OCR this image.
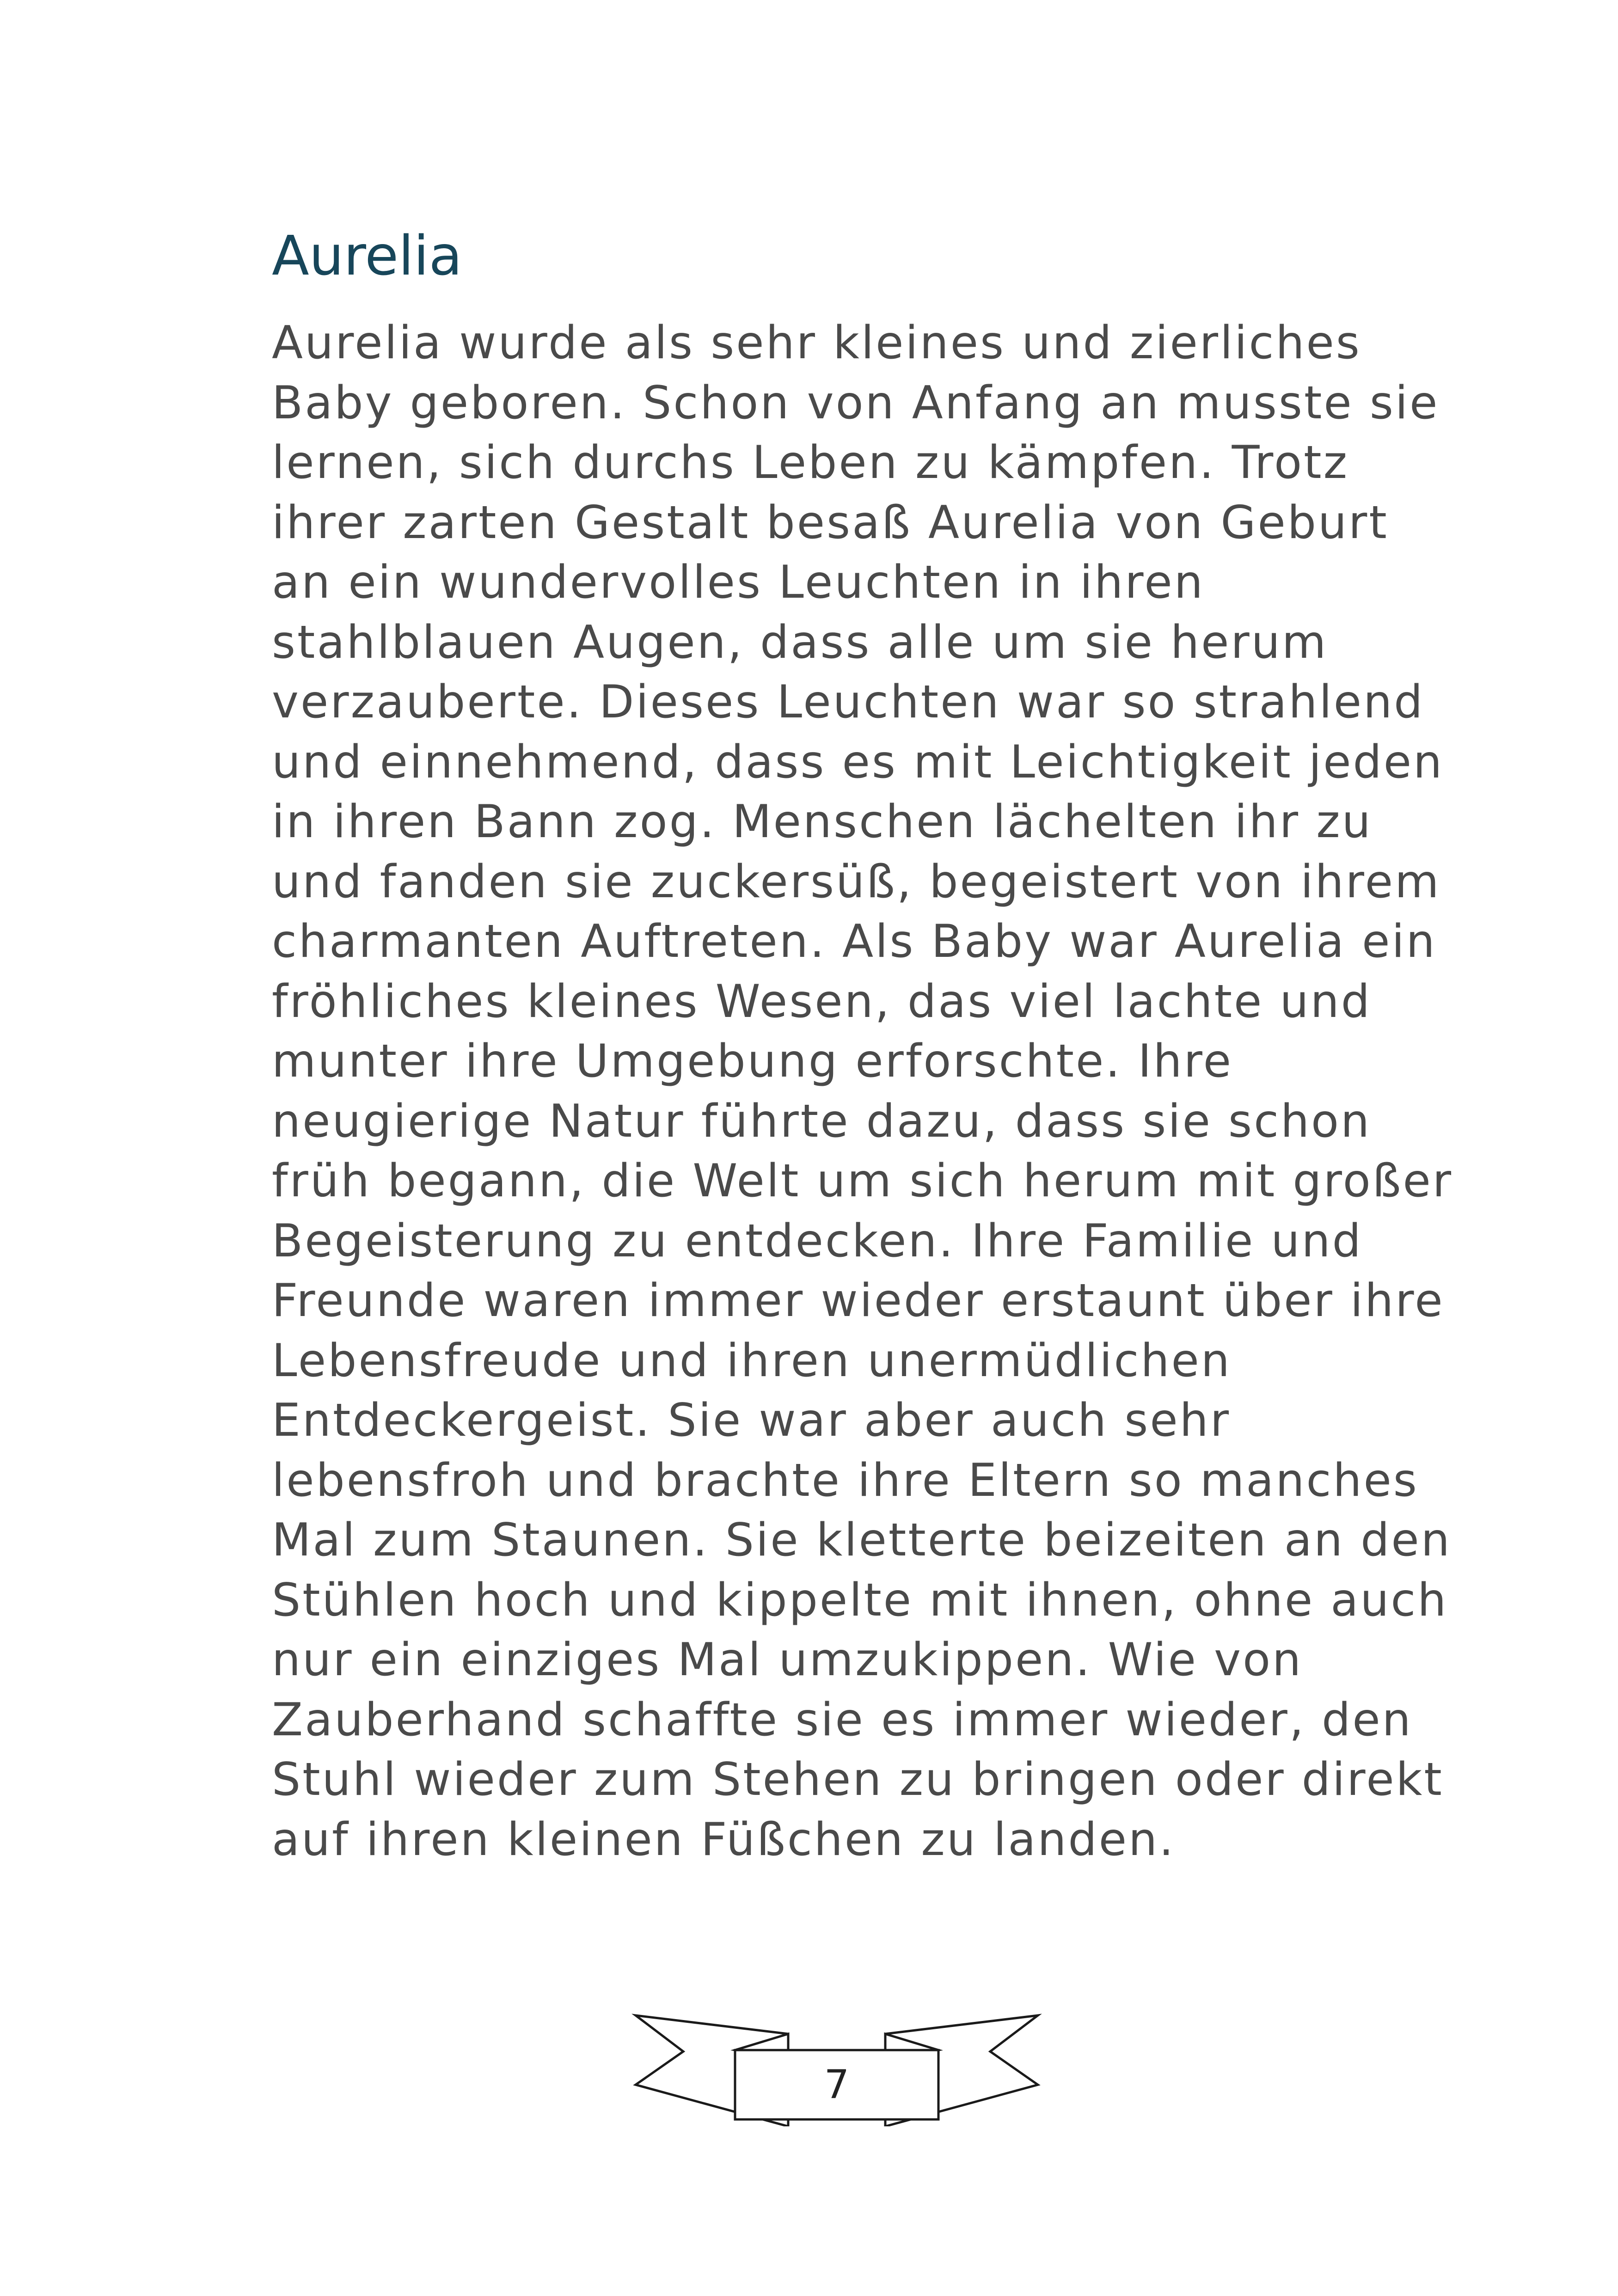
Aurelia
Aurelia wurde als sehr kleines und zierliches
Baby geboren. Schon von Anfang an musste sie
lernen, sich durchs Leben zu kämpfen. Trotz
ihrer zarten Gestalt besaß Aurelia von Geburt
an ein wundervolles Leuchten in ihren
stahlblauen Augen, dass alle um sie herum
verzauberte. Dieses Leuchten war so strahlend
und einnehmend, dass es mit Leichtigkeit jeden
in ihren Bann zog. Menschen lächelten ihr zu
und fanden sie zuckersüß, begeistert von ihrem
charmanten Auftreten. Als Baby war Aurelia ein
fröhliches kleines Wesen, das viel lachte und
munter ihre Umgebung erforschte. Ihre
neugierige Natur führte dazu, dass sie schon
früh begann, die Welt um sich herum mit großer
Begeisterung zu entdecken. Ihre Familie und
Freunde waren immer wieder erstaunt über ihre
Lebensfreude und ihren unermüdlichen
Entdeckergeist. Sie war aber auch sehr
lebensfroh und brachte ihre Eltern so manches
Mal zum Staunen. Sie kletterte beizeiten an den
Stühlen hoch und kippelte mit ihnen, ohne auch
nur ein einziges Mal umzukippen. Wie von
Zauberhand schaffte sie es immer wieder, den
Stuhl wieder zum Stehen zu bringen oder direkt
auf ihren kleinen Füßchen zu landen.
7
